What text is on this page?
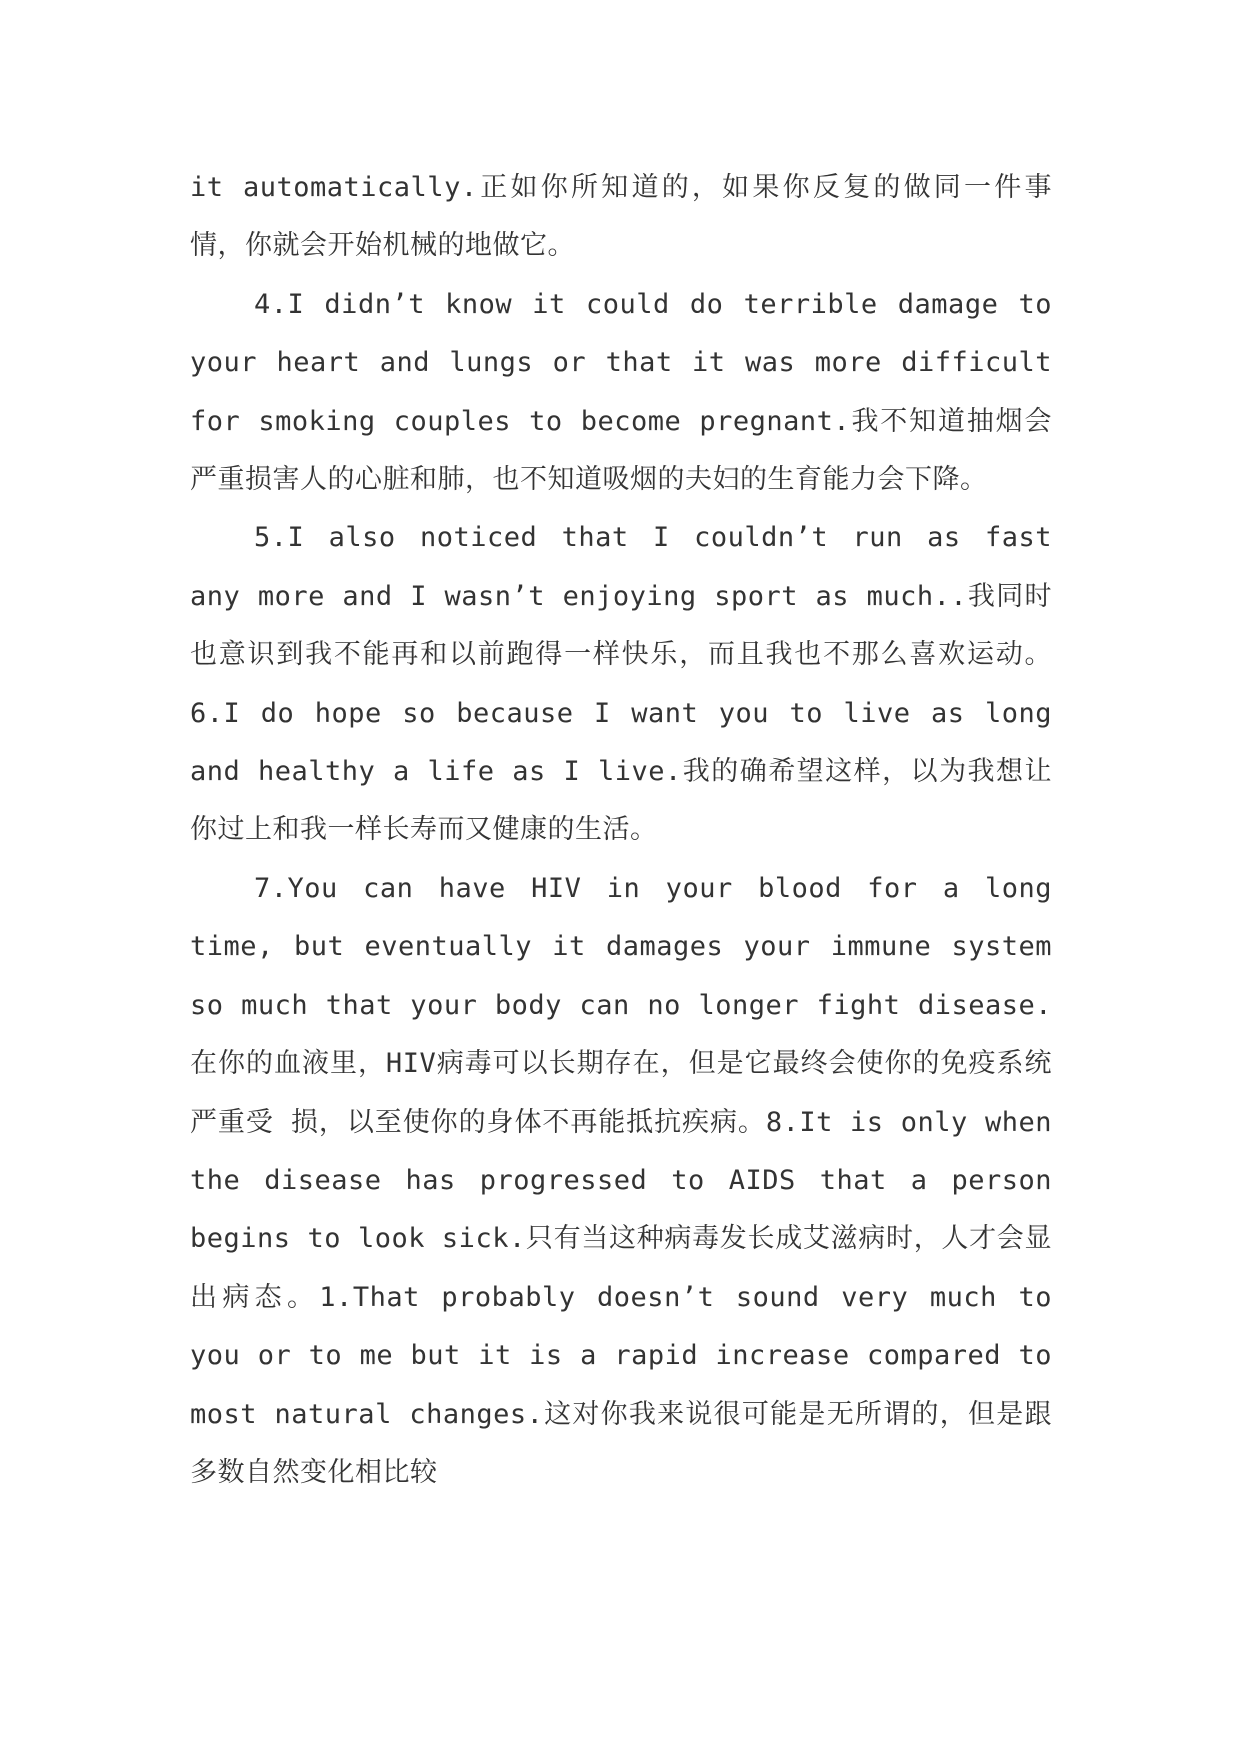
it automatically.正如你所知道的，如果你反复的做同一件事情，你就会开始机械的地做它。

4.I didn’t know it could do terrible damage to your heart and lungs or that it was more difficult for smoking couples to become pregnant.我不知道抽烟会严重损害人的心脏和肺，也不知道吸烟的夫妇的生育能力会下降。

5.I also noticed that I couldn’t run as fast any more and I wasn’t enjoying sport as much..我同时也意识到我不能再和以前跑得一样快乐，而且我也不那么喜欢运动。6.I do hope so because I want you to live as long and healthy a life as I live.我的确希望这样，以为我想让你过上和我一样长寿而又健康的生活。

7.You can have HIV in your blood for a long time, but eventually it damages your immune system so much that your body can no longer fight disease.在你的血液里，HIV病毒可以长期存在，但是它最终会使你的免疫系统严重受 损，以至使你的身体不再能抵抗疾病。8.It is only when the disease has progressed to AIDS that a person begins to look sick.只有当这种病毒发长成艾滋病时，人才会显出病态。1.That probably doesn’t sound very much to you or to me but it is a rapid increase compared to most natural changes.这对你我来说很可能是无所谓的，但是跟多数自然变化相比较
